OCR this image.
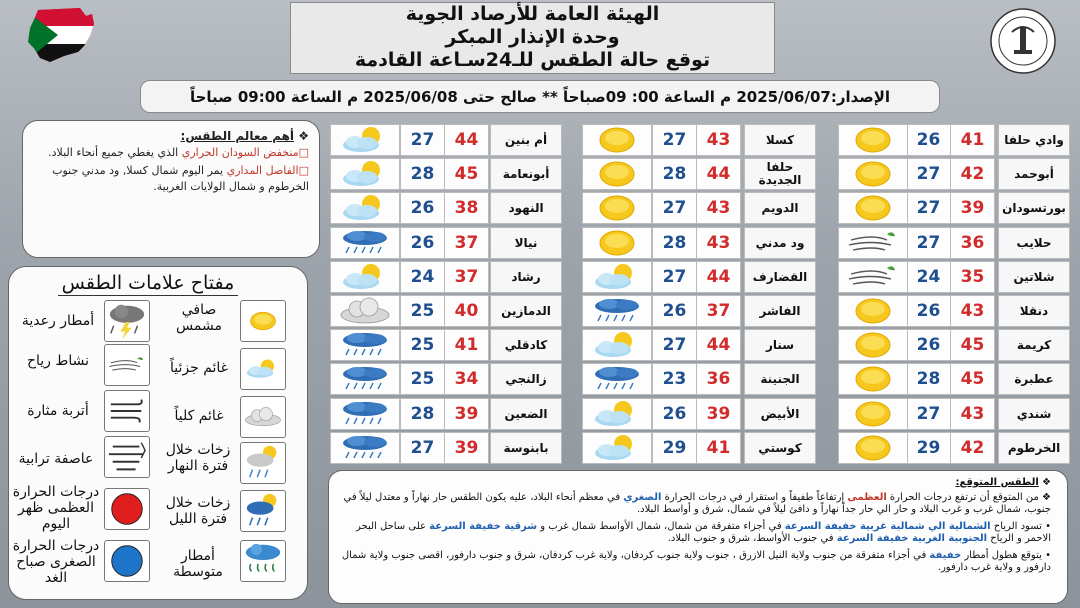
الهيئة العامة للأرصاد الجوية
وحدة الإنذار المبكر
توقع حالة الطقس للـ24سـاعة القادمة
الإصدار:2025/06/07 م الساعة 00: 09صباحاً ** صالح حتى 2025/06/08 م الساعة 09:00 صباحاً
❖ أهم معالم الطقس:

□منخفض السودان الحراري الذي يغطي جميع أنحاء البلاد.

□الفاصل المداري يمر اليوم شمال كسلا, ود مدني جنوب الخرطوم و شمال الولايات الغربية.

مفتاح علامات الطقس
صافي مشمس
أمطار رعدية
غائم جزئياً
نشاط رياح
غائم كلياً
أتربة مثارة
زخات خلال فترة النهار
عاصفة ترابية
زخات خلال فترة الليل
درجات الحرارة العظمى ظهر اليوم
أمطار متوسطة
درجات الحرارة الصغرى صباح الغد
وادي حلفا
41
26
أبوحمد
42
27
بورتسودان
39
27
حلايب
36
27
شلاتين
35
24
دنقلا
43
26
كريمة
45
26
عطبرة
45
28
شندي
43
27
الخرطوم
42
29
كسلا
43
27
حلفا الجديدة
44
28
الدويم
43
27
ود مدني
43
28
القضارف
44
27
الفاشر
37
26
سنار
44
27
الجنينة
36
23
الأبيض
39
26
كوستي
41
29
أم بنين
44
27
أبونعامة
45
28
النهود
38
26
نيالا
37
26
رشاد
37
24
الدمازين
40
25
كادقلي
41
25
زالنجي
34
25
الضعين
39
28
بابنوسة
39
27
❖ الطقس المتوقع:

❖ من المتوقع أن ترتفع درجات الحرارة العظمى إرتفاعاً طفيفاً و استقرار في درجات الحرارة الصغري في معظم أنحاء البلاد، عليه يكون الطقس حار نهاراً و معتدل ليلاً في جنوب، شمال غرب و غرب البلاد و حار الي حار جداً نهاراً و دافئ ليلاً في شمال، شرق و أواسط البلاد.

• تسود الرياح الشمالية الي شمالية غربية خفيفة السرعة في أجزاء متفرقة من شمال، شمال الأواسط شمال غرب و شرقية خفيفة السرعة على ساحل البحر الاحمر و الرياح الجنوبية الغربية خفيفة السرعة في جنوب الأواسط، شرق و جنوب البلاد.

• يتوقع هطول أمطار خفيفة في أجزاء متفرقة من جنوب ولاية النيل الازرق ، جنوب ولاية جنوب كردفان، ولاية غرب كردفان، شرق و جنوب دارفور، اقصى جنوب ولاية شمال دارفور و ولاية غرب دارفور.
